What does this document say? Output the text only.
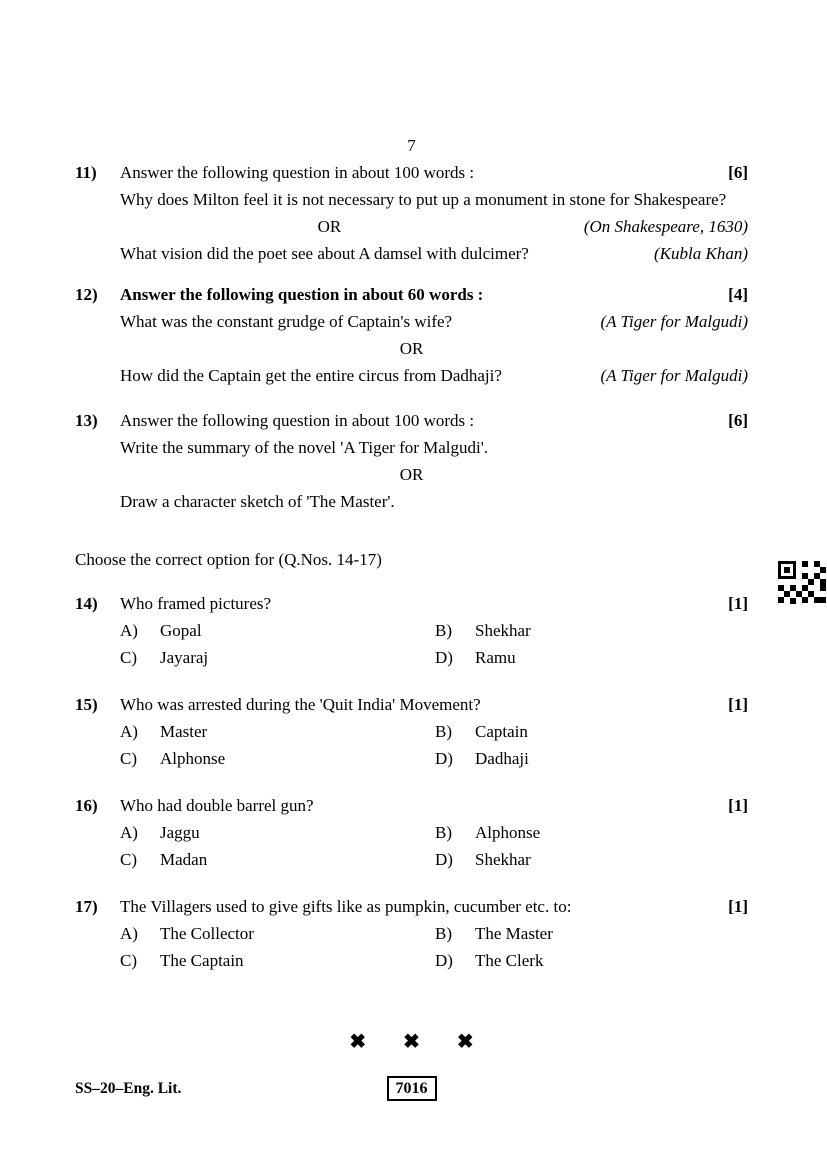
7
11)	Answer the following question in about 100 words :	[6]
Why does Milton feel it is not necessary to put up a monument in stone for Shakespeare?
(On Shakespeare, 1630)
OR
What vision did the poet see about A damsel with dulcimer?	(Kubla Khan)
12)	Answer the following question in about 60 words :	[4]
What was the constant grudge of Captain's wife?	(A Tiger for Malgudi)
OR
How did the Captain get the entire circus from Dadhaji?	(A Tiger for Malgudi)
13)	Answer the following question in about 100 words :	[6]
Write the summary of the novel 'A Tiger for Malgudi'.
OR
Draw a character sketch of 'The Master'.
Choose the correct option for (Q.Nos. 14-17)
14)	Who framed pictures?	[1]
A)	Gopal	B)	Shekhar
C)	Jayaraj	D)	Ramu
15)	Who was arrested during the 'Quit India' Movement?	[1]
A)	Master	B)	Captain
C)	Alphonse	D)	Dadhaji
16)	Who had double barrel gun?	[1]
A)	Jaggu	B)	Alphonse
C)	Madan	D)	Shekhar
17)	The Villagers used to give gifts like as pumpkin, cucumber etc. to:	[1]
A)	The Collector	B)	The Master
C)	The Captain	D)	The Clerk
✖ ✖ ✖
SS–20–Eng. Lit.	7016
